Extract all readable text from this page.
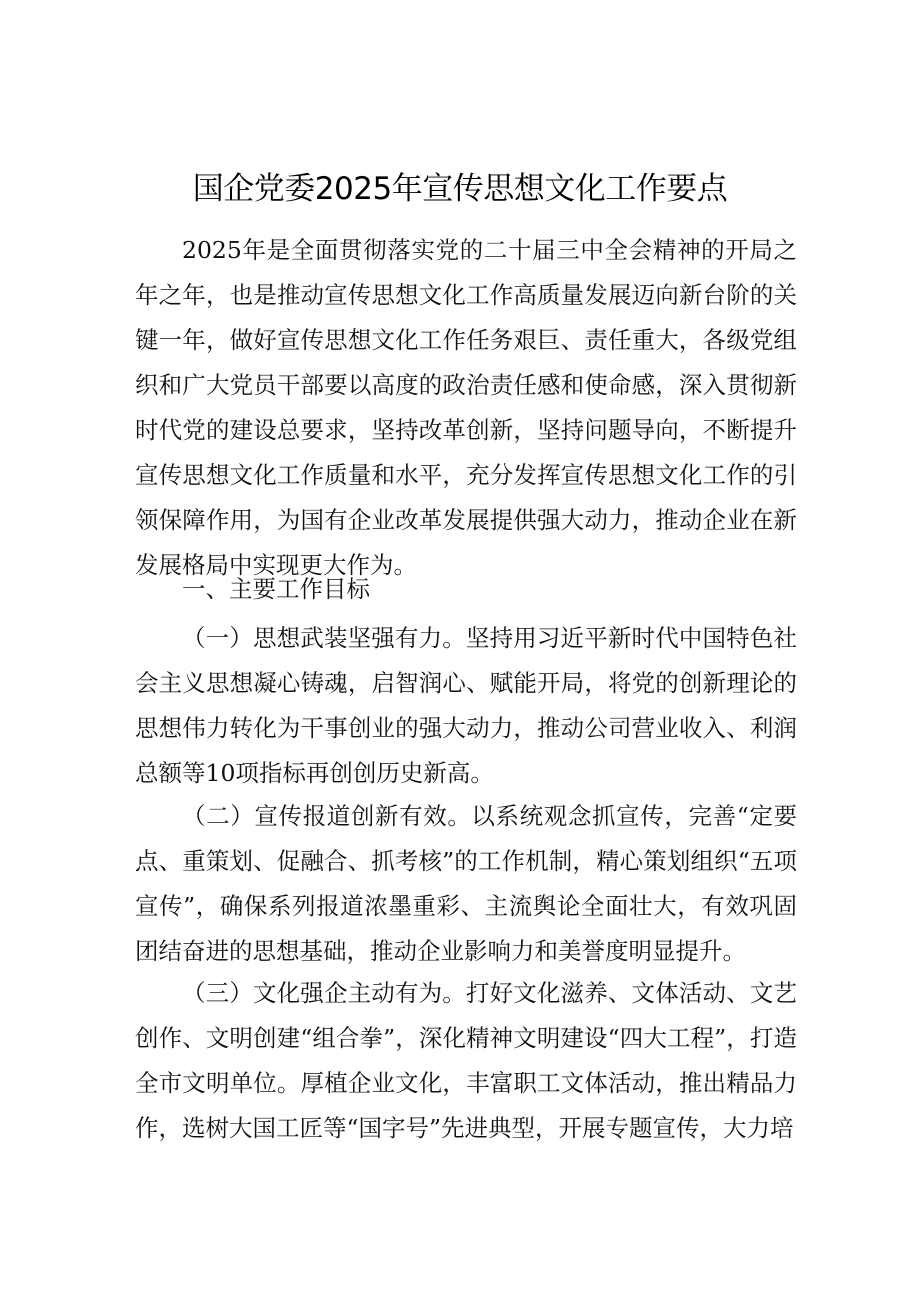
国企党委2025年宣传思想文化工作要点

2025年是全面贯彻落实党的二十届三中全会精神的开局之年之年，也是推动宣传思想文化工作高质量发展迈向新台阶的关键一年，做好宣传思想文化工作任务艰巨、责任重大，各级党组织和广大党员干部要以高度的政治责任感和使命感，深入贯彻新时代党的建设总要求，坚持改革创新，坚持问题导向，不断提升宣传思想文化工作质量和水平，充分发挥宣传思想文化工作的引领保障作用，为国有企业改革发展提供强大动力，推动企业在新发展格局中实现更大作为。

一、主要工作目标

（一）思想武装坚强有力。坚持用习近平新时代中国特色社会主义思想凝心铸魂，启智润心、赋能开局，将党的创新理论的思想伟力转化为干事创业的强大动力，推动公司营业收入、利润总额等10项指标再创创历史新高。

（二）宣传报道创新有效。以系统观念抓宣传，完善“定要点、重策划、促融合、抓考核”的工作机制，精心策划组织“五项宣传”，确保系列报道浓墨重彩、主流舆论全面壮大，有效巩固团结奋进的思想基础，推动企业影响力和美誉度明显提升。

（三）文化强企主动有为。打好文化滋养、文体活动、文艺创作、文明创建“组合拳”，深化精神文明建设“四大工程”，打造全市文明单位。厚植企业文化，丰富职工文体活动，推出精品力作，选树大国工匠等“国字号”先进典型，开展专题宣传，大力培
